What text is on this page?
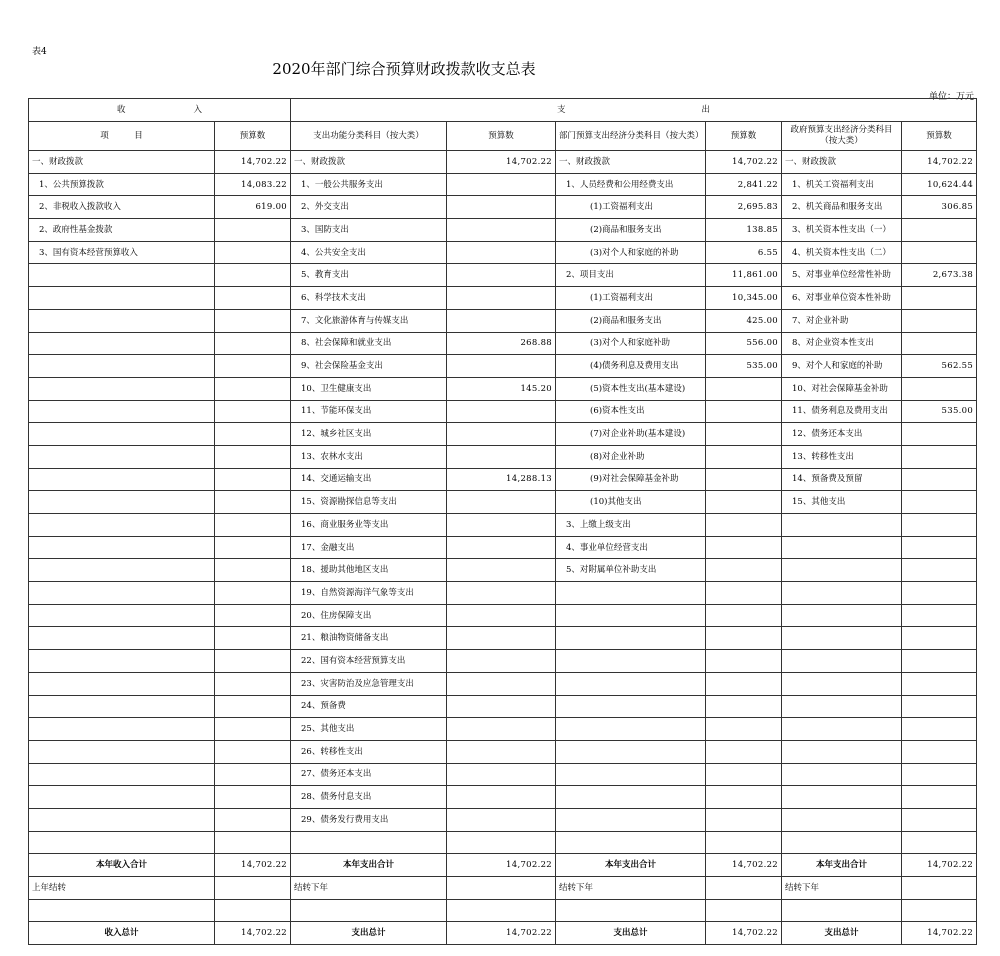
表4
2020年部门综合预算财政拨款收支总表
单位：万元
收　　　　　　　　入		支　　　　　　　　　　　　　　　　出					
项　　　目	预算数	支出功能分类科目（按大类）	预算数	部门预算支出经济分类科目（按大类）	预算数	政府预算支出经济分类科目（按大类）	预算数
一、财政拨款	14,702.22	一、财政拨款	14,702.22	一、财政拨款	14,702.22	一、财政拨款	14,702.22
1、公共预算拨款	14,083.22	1、一般公共服务支出		1、人员经费和公用经费支出	2,841.22	1、机关工资福利支出	10,624.44
2、非税收入拨款收入	619.00	2、外交支出		(1)工资福利支出	2,695.83	2、机关商品和服务支出	306.85
2、政府性基金拨款		3、国防支出		(2)商品和服务支出	138.85	3、机关资本性支出（一）	
3、国有资本经营预算收入		4、公共安全支出		(3)对个人和家庭的补助	6.55	4、机关资本性支出（二）	
		5、教育支出		2、项目支出	11,861.00	5、对事业单位经常性补助	2,673.38
		6、科学技术支出		(1)工资福利支出	10,345.00	6、对事业单位资本性补助	
		7、文化旅游体育与传媒支出		(2)商品和服务支出	425.00	7、对企业补助	
		8、社会保障和就业支出	268.88	(3)对个人和家庭补助	556.00	8、对企业资本性支出	
		9、社会保险基金支出		(4)债务利息及费用支出	535.00	9、对个人和家庭的补助	562.55
		10、卫生健康支出	145.20	(5)资本性支出(基本建设)		10、对社会保障基金补助	
		11、节能环保支出		(6)资本性支出		11、债务利息及费用支出	535.00
		12、城乡社区支出		(7)对企业补助(基本建设)		12、债务还本支出	
		13、农林水支出		(8)对企业补助		13、转移性支出	
		14、交通运输支出	14,288.13	(9)对社会保障基金补助		14、预备费及预留	
		15、资源勘探信息等支出		(10)其他支出		15、其他支出	
		16、商业服务业等支出		3、上缴上级支出			
		17、金融支出		4、事业单位经营支出			
		18、援助其他地区支出		5、对附属单位补助支出			
		19、自然资源海洋气象等支出					
		20、住房保障支出					
		21、粮油物资储备支出					
		22、国有资本经营预算支出					
		23、灾害防治及应急管理支出					
		24、预备费					
		25、其他支出					
		26、转移性支出					
		27、债务还本支出					
		28、债务付息支出					
		29、债务发行费用支出					

本年收入合计	14,702.22	本年支出合计	14,702.22	本年支出合计	14,702.22	本年支出合计	14,702.22
上年结转		结转下年		结转下年		结转下年	

收入总计	14,702.22	支出总计	14,702.22	支出总计	14,702.22	支出总计	14,702.22
